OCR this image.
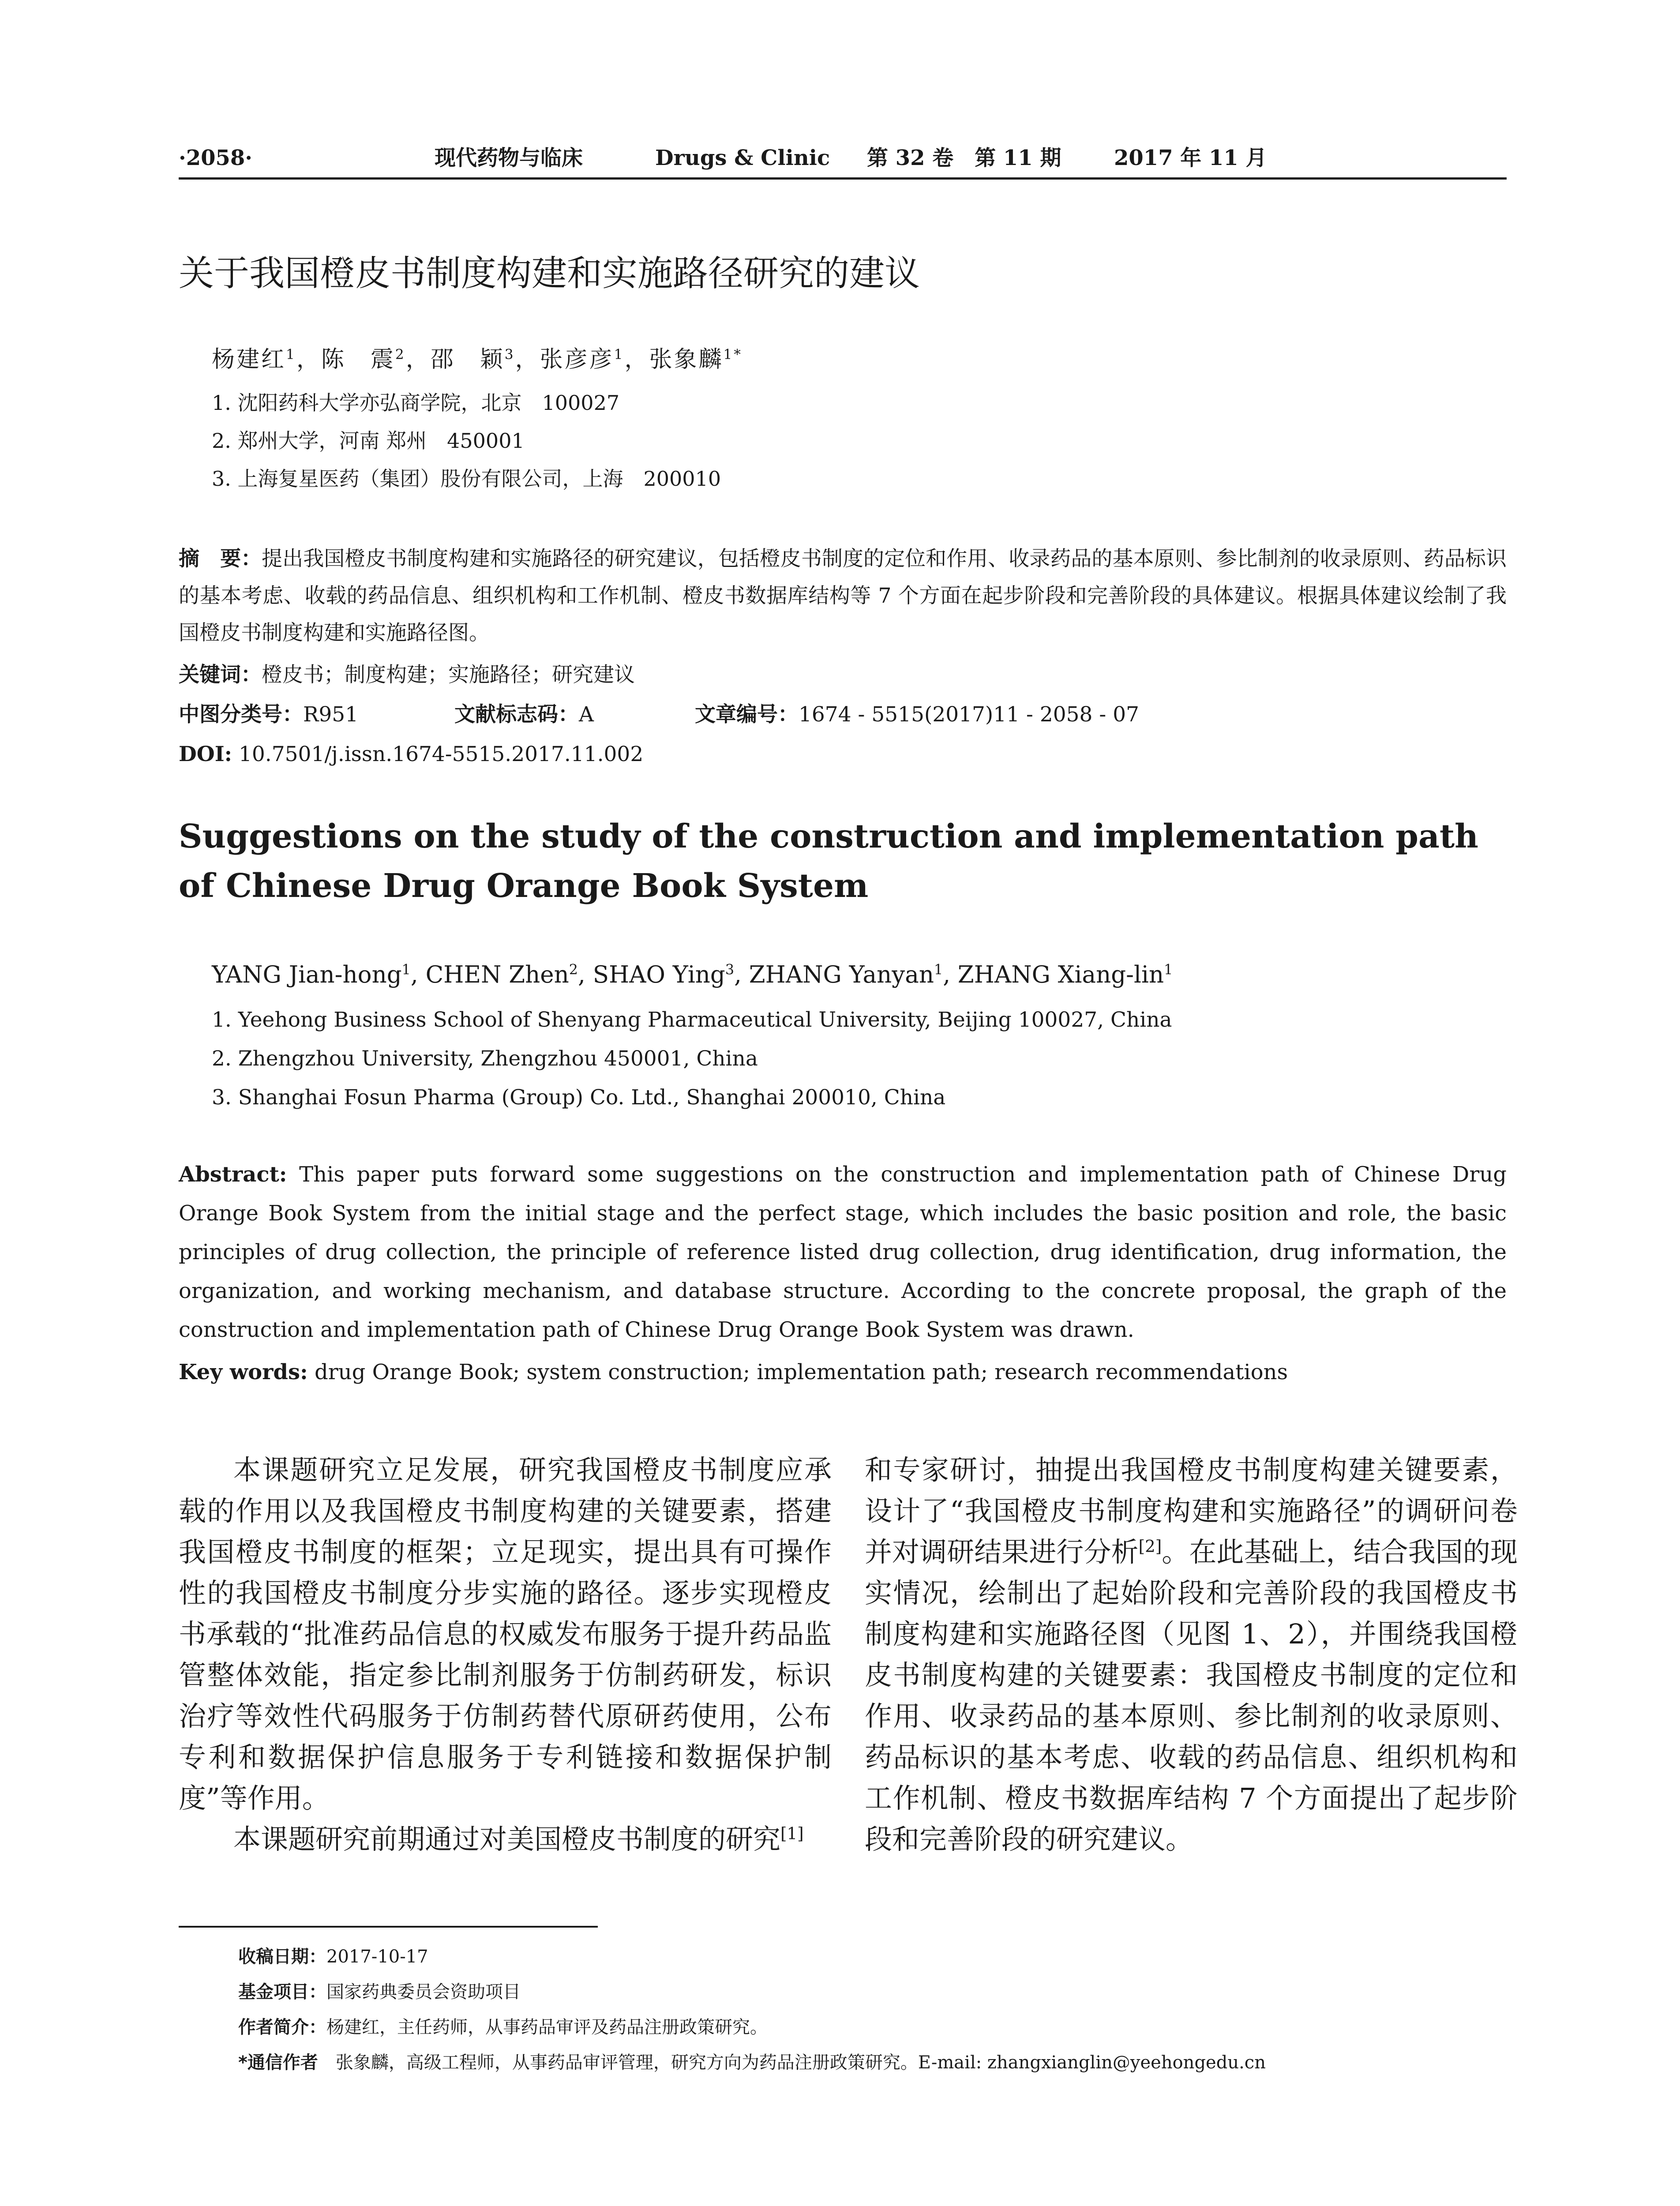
·2058·	现代药物与临床	Drugs & Clinic 第 32 卷　第 11 期 2017 年 11 月
关于我国橙皮书制度构建和实施路径研究的建议
杨建红$^1$，陈　震$^2$，邵　颖$^3$，张彦彦$^1$，张象麟$^{1*}$
1. 沈阳药科大学亦弘商学院，北京　100027
2. 郑州大学，河南 郑州　450001
3. 上海复星医药（集团）股份有限公司，上海　200010
摘　要：提出我国橙皮书制度构建和实施路径的研究建议，包括橙皮书制度的定位和作用、收录药品的基本原则、参比制剂的收录原则、药品标识的基本考虑、收载的药品信息、组织机构和工作机制、橙皮书数据库结构等 7 个方面在起步阶段和完善阶段的具体建议。根据具体建议绘制了我国橙皮书制度构建和实施路径图。
关键词：橙皮书；制度构建；实施路径；研究建议
中图分类号：R951	文献标志码：A	文章编号：1674 - 5515(2017)11 - 2058 - 07
DOI: 10.7501/j.issn.1674-5515.2017.11.002
Suggestions on the study of the construction and implementation path of Chinese Drug Orange Book System
YANG Jian-hong$^1$, CHEN Zhen$^2$, SHAO Ying$^3$, ZHANG Yanyan$^1$, ZHANG Xiang-lin$^1$
1. Yeehong Business School of Shenyang Pharmaceutical University, Beijing 100027, China
2. Zhengzhou University, Zhengzhou 450001, China
3. Shanghai Fosun Pharma (Group) Co. Ltd., Shanghai 200010, China
Abstract: This paper puts forward some suggestions on the construction and implementation path of Chinese Drug Orange Book System from the initial stage and the perfect stage, which includes the basic position and role, the basic principles of drug collection, the principle of reference listed drug collection, drug identification, drug information, the organization, and working mechanism, and database structure. According to the concrete proposal, the graph of the construction and implementation path of Chinese Drug Orange Book System was drawn.
Key words: drug Orange Book; system construction; implementation path; research recommendations

本课题研究立足发展，研究我国橙皮书制度应承载的作用以及我国橙皮书制度构建的关键要素，搭建我国橙皮书制度的框架；立足现实，提出具有可操作性的我国橙皮书制度分步实施的路径。逐步实现橙皮书承载的“批准药品信息的权威发布服务于提升药品监管整体效能，指定参比制剂服务于仿制药研发，标识治疗等效性代码服务于仿制药替代原研药使用，公布专利和数据保护信息服务于专利链接和数据保护制度”等作用。

本课题研究前期通过对美国橙皮书制度的研究[1]

和专家研讨，抽提出我国橙皮书制度构建关键要素，设计了“我国橙皮书制度构建和实施路径”的调研问卷并对调研结果进行分析[2]。在此基础上，结合我国的现实情况，绘制出了起始阶段和完善阶段的我国橙皮书制度构建和实施路径图（见图 1、2），并围绕我国橙皮书制度构建的关键要素：我国橙皮书制度的定位和作用、收录药品的基本原则、参比制剂的收录原则、药品标识的基本考虑、收载的药品信息、组织机构和工作机制、橙皮书数据库结构 7 个方面提出了起步阶段和完善阶段的研究建议。

收稿日期：2017-10-17
基金项目：国家药典委员会资助项目
作者简介：杨建红，主任药师，从事药品审评及药品注册政策研究。
*通信作者　张象麟，高级工程师，从事药品审评管理，研究方向为药品注册政策研究。E-mail: zhangxianglin@yeehongedu.cn
